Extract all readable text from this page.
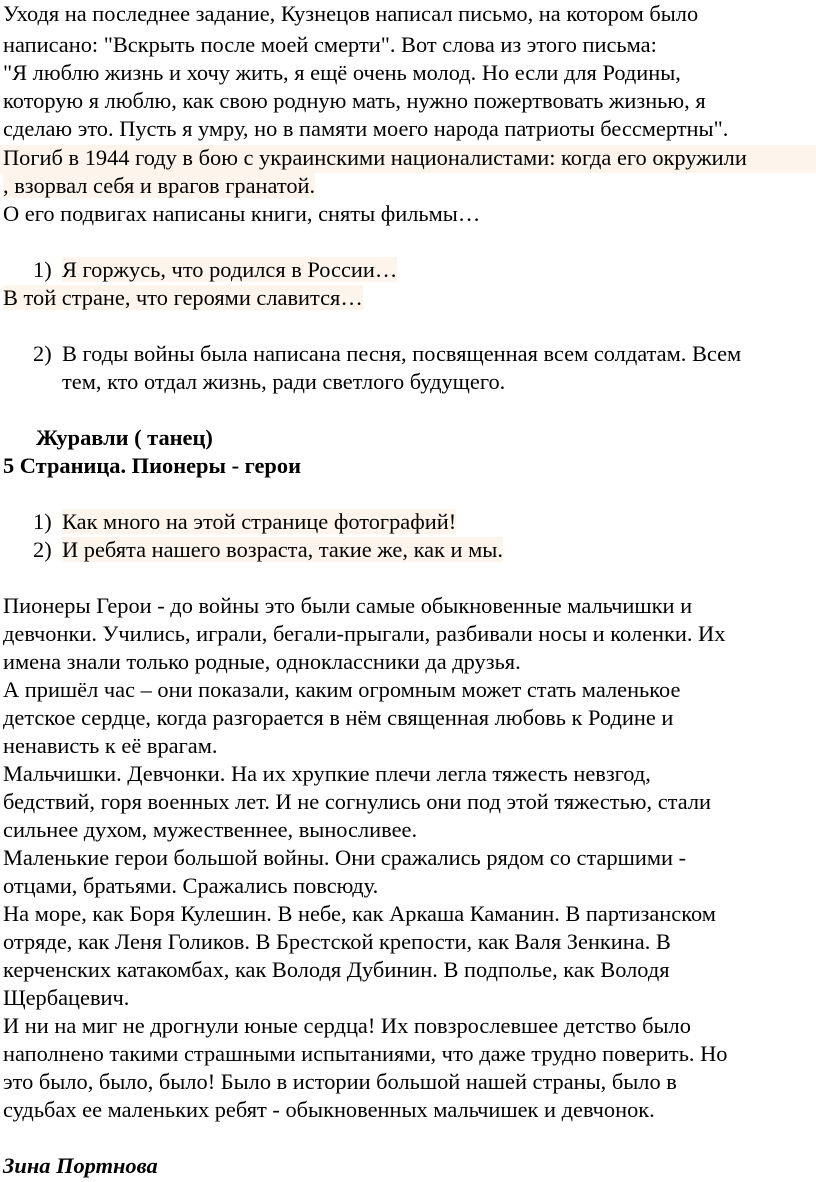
Уходя на последнее задание, Кузнецов написал письмо, на котором было
написано: "Вскрыть после моей смерти". Вот слова из этого письма:
"Я люблю жизнь и хочу жить, я ещё очень молод. Но если для Родины,
которую я люблю, как свою родную мать, нужно пожертвовать жизнью, я
сделаю это. Пусть я умру, но в памяти моего народа патриоты бессмертны".
Погиб в 1944 году в бою с украинскими националистами: когда его окружили
, взорвал себя и врагов гранатой.
О его подвигах написаны книги, сняты фильмы…
1) Я горжусь, что родился в России…
В той стране, что героями славится…
2) В годы войны была написана песня, посвященная всем солдатам. Всем
тем, кто отдал жизнь, ради светлого будущего.
Журавли ( танец)
5 Страница. Пионеры - герои
1) Как много на этой странице фотографий!
2) И ребята нашего возраста, такие же, как и мы.
Пионеры Герои - до войны это были самые обыкновенные мальчишки и
девчонки. Учились, играли, бегали-прыгали, разбивали носы и коленки. Их
имена знали только родные, одноклассники да друзья.
А пришёл час – они показали, каким огромным может стать маленькое
детское сердце, когда разгорается в нём священная любовь к Родине и
ненависть к её врагам.
Мальчишки. Девчонки. На их хрупкие плечи легла тяжесть невзгод,
бедствий, горя военных лет. И не согнулись они под этой тяжестью, стали
сильнее духом, мужественнее, выносливее.
Маленькие герои большой войны. Они сражались рядом со старшими -
отцами, братьями. Сражались повсюду.
На море, как Боря Кулешин. В небе, как Аркаша Каманин. В партизанском
отряде, как Леня Голиков. В Брестской крепости, как Валя Зенкина. В
керченских катакомбах, как Володя Дубинин. В подполье, как Володя
Щербацевич.
И ни на миг не дрогнули юные сердца! Их повзрослевшее детство было
наполнено такими страшными испытаниями, что даже трудно поверить. Но
это было, было, было! Было в истории большой нашей страны, было в
судьбах ее маленьких ребят - обыкновенных мальчишек и девчонок.
Зина Портнова
